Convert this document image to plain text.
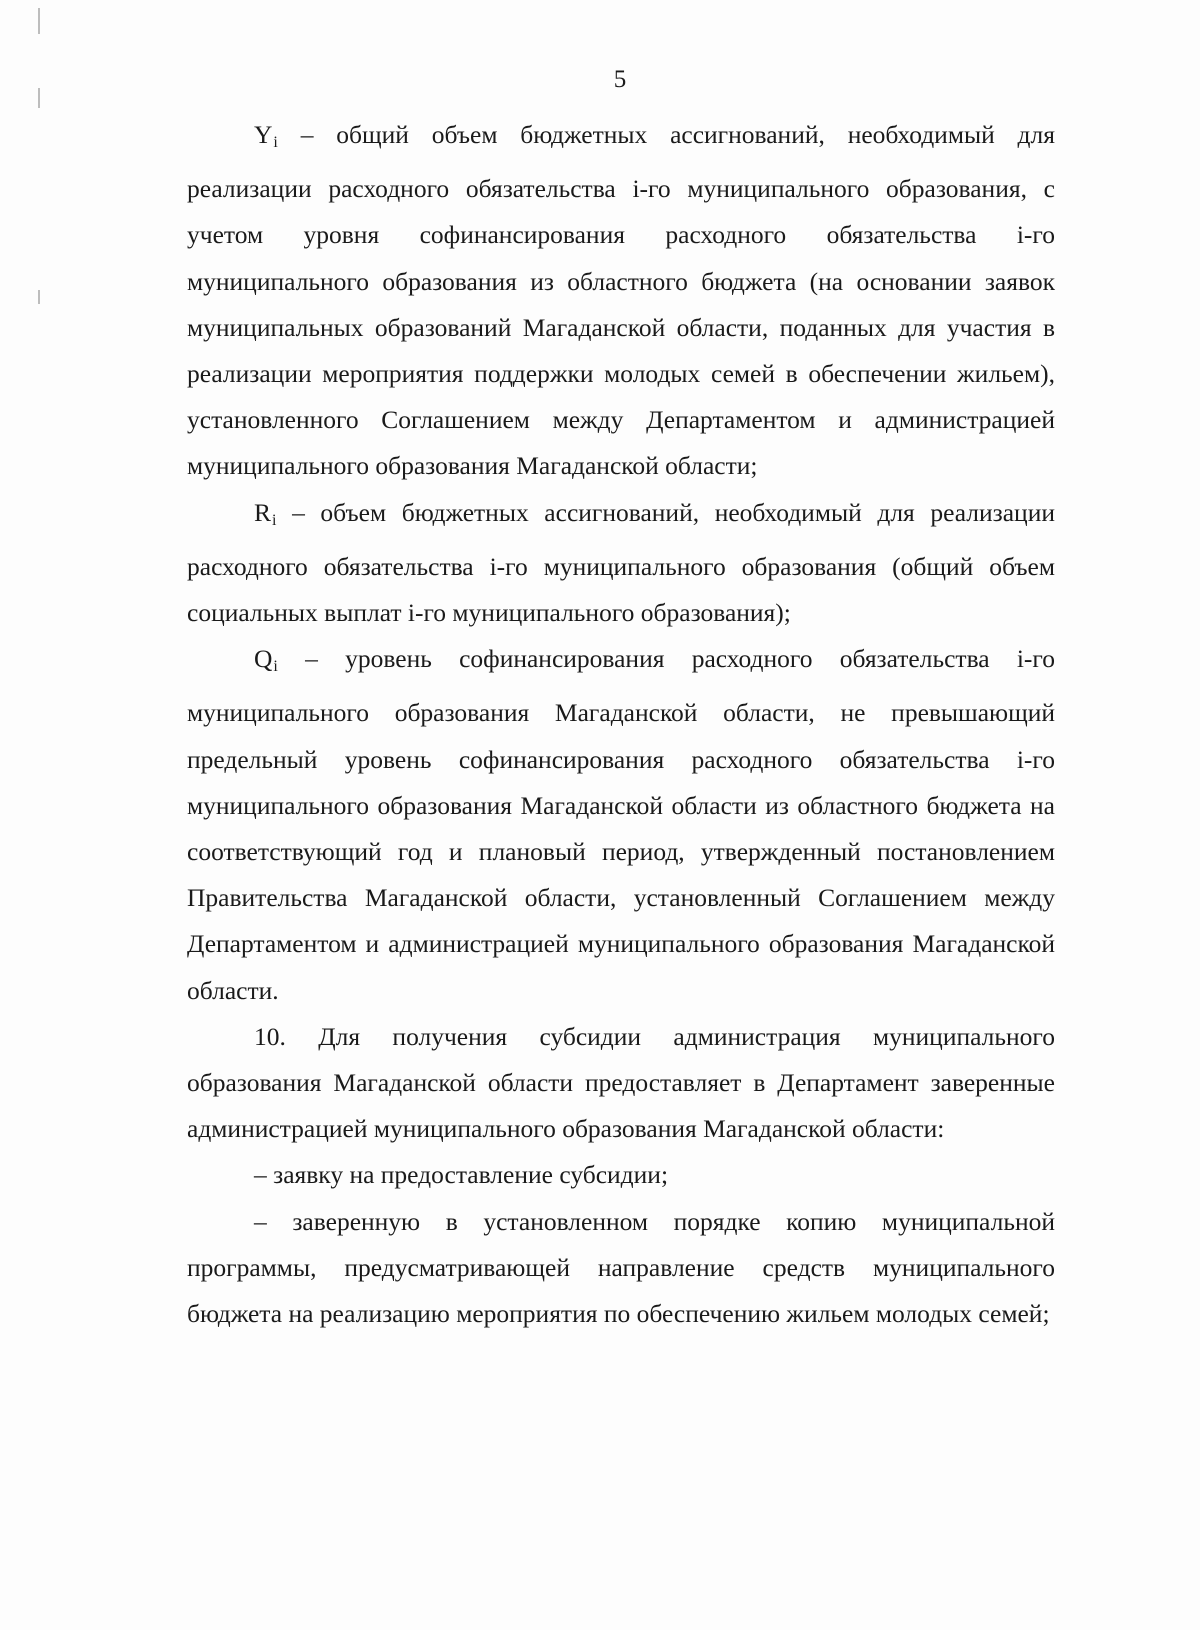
5

$Y_i$ – общий объем бюджетных ассигнований, необходимый для реализации расходного обязательства i-го муниципального образования, с учетом уровня софинансирования расходного обязательства i-го муниципального образования из областного бюджета (на основании заявок муниципальных образований Магаданской области, поданных для участия в реализации мероприятия поддержки молодых семей в обеспечении жильем), установленного Соглашением между Департаментом и администрацией муниципального образования Магаданской области;

$R_i$ – объем бюджетных ассигнований, необходимый для реализации расходного обязательства i-го муниципального образования (общий объем социальных выплат i-го муниципального образования);

$Q_i$ – уровень софинансирования расходного обязательства i-го муниципального образования Магаданской области, не превышающий предельный уровень софинансирования расходного обязательства i-го муниципального образования Магаданской области из областного бюджета на соответствующий год и плановый период, утвержденный постановлением Правительства Магаданской области, установленный Соглашением между Департаментом и администрацией муниципального образования Магаданской области.

10. Для получения субсидии администрация муниципального образования Магаданской области предоставляет в Департамент заверенные администрацией муниципального образования Магаданской области:

– заявку на предоставление субсидии;

– заверенную в установленном порядке копию муниципальной программы, предусматривающей направление средств муниципального бюджета на реализацию мероприятия по обеспечению жильем молодых семей;
